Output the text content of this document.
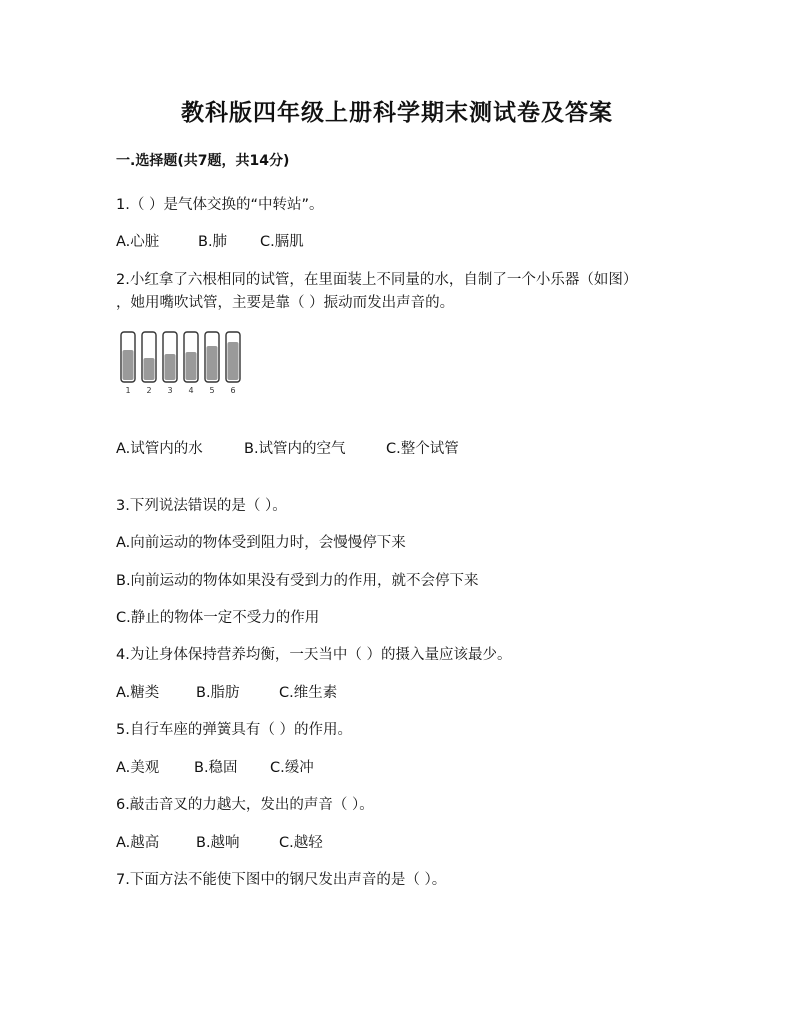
教科版四年级上册科学期末测试卷及答案
一.选择题(共7题，共14分)
1.（ ）是气体交换的“中转站”。
A.心脏	B.肺 C.膈肌
2.小红拿了六根相同的试管，在里面装上不同量的水，自制了一个小乐器（如图）
，她用嘴吹试管，主要是靠（ ）振动而发出声音的。
1 2 3 4 5 6
A.试管内的水	B.试管内的空气	C.整个试管
3.下列说法错误的是（ ）。
A.向前运动的物体受到阻力时，会慢慢停下来
B.向前运动的物体如果没有受到力的作用，就不会停下来
C.静止的物体一定不受力的作用
4.为让身体保持营养均衡，一天当中（ ）的摄入量应该最少。
A.糖类	B.脂肪	C.维生素
5.自行车座的弹簧具有（ ）的作用。
A.美观 B.稳固 C.缓冲
6.敲击音叉的力越大，发出的声音（ ）。
A.越高	B.越响	C.越轻
7.下面方法不能使下图中的钢尺发出声音的是（ ）。
